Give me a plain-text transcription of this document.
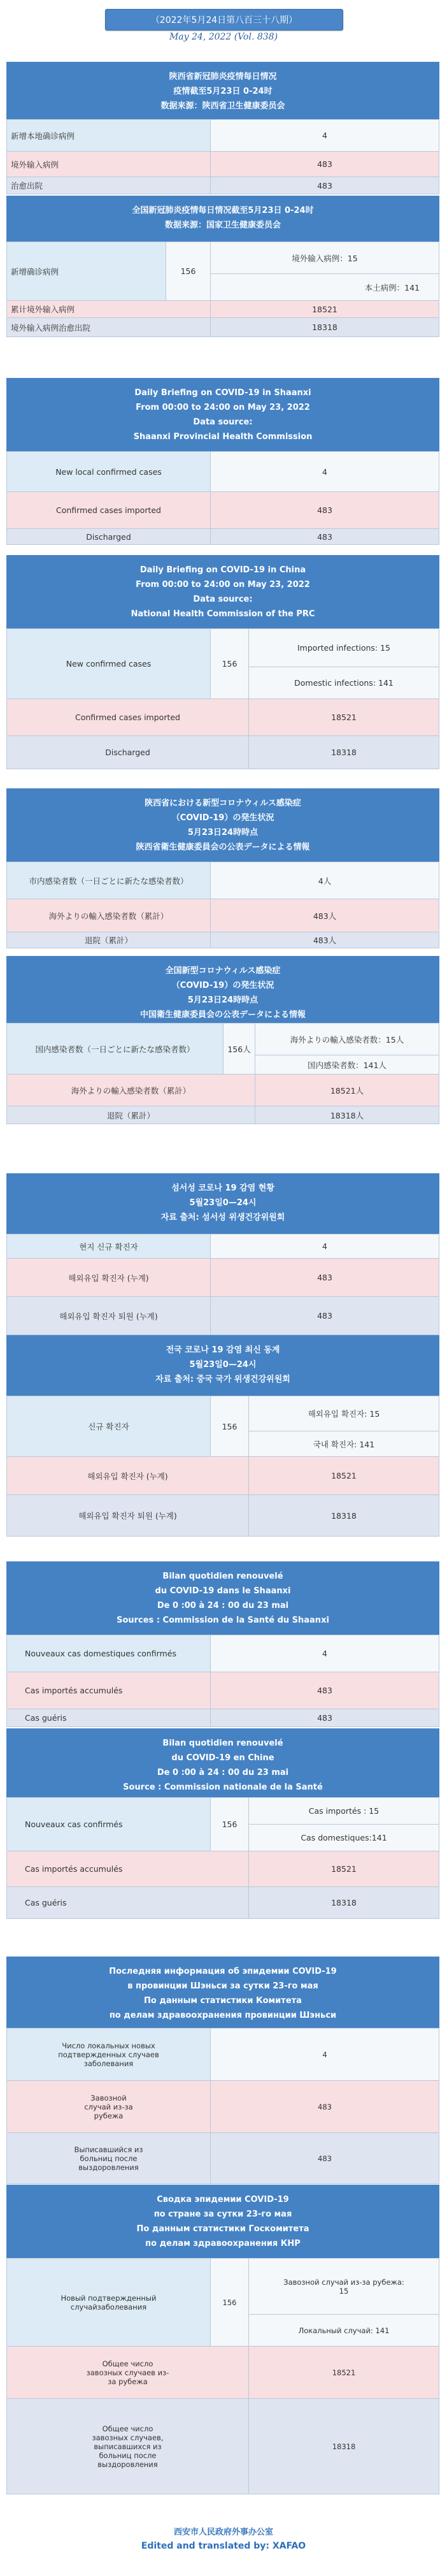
（2022年5月24日第八百三十八期）
May 24, 2022 (Vol. 838)
陕西省新冠肺炎疫情每日情况
疫情截至5月23日 0-24时
数据来源：陕西省卫生健康委员会
新增本地确诊病例	4
境外输入病例	483
治愈出院	483
全国新冠肺炎疫情每日情况截至5月23日 0-24时
数据来源：国家卫生健康委员会
新增确诊病例	156	境外输入病例：15
		本土病例：141
累计境外输入病例		18521
境外输入病例治愈出院		18318
Daily Briefing on COVID-19 in Shaanxi
From 00:00 to 24:00 on May 23, 2022
Data source:
Shaanxi Provincial Health Commission
New local confirmed cases	4
Confirmed cases imported	483
Discharged	483
Daily Briefing on COVID-19 in China
From 00:00 to 24:00 on May 23, 2022
Data source:
National Health Commission of the PRC
New confirmed cases	156	Imported infections: 15
		Domestic infections: 141
Confirmed cases imported		18521
Discharged		18318
陝西省における新型コロナウィルス感染症
（COVID-19）の発生状況
5月23日24時時点
陝西省衛生健康委員会の公表データによる情報
市内感染者数（一日ごとに新たな感染者数）	4人
海外よりの輸入感染者数（累計）	483人
退院（累計）	483人
全国新型コロナウィルス感染症
（COVID-19）の発生状況
5月23日24時時点
中国衛生健康委員会の公表データによる情報
国内感染者数（一日ごとに新たな感染者数）	156人	海外よりの輸入感染者数：15人
		国内感染者数：141人
海外よりの輸入感染者数（累計）		18521人
退院（累計）		18318人
섬서성 코로나 19 감염 현황
5월23일0—24시
자료 출처: 섬서성 위생건강위원회
현지 신규 확진자	4
해외유입 확진자 (누계)	483
해외유입 확진자 퇴원 (누계)	483
전국 코로나 19 감염 최신 동계
5월23일0—24시
자료 출처: 중국 국가 위생건강위원회
신규 확진자	156	해외유입 확진자: 15
		국내 확진자: 141
해외유입 확진자 (누계)		18521
해외유입 확진자 퇴원 (누계)		18318
Bilan quotidien renouvelé
du COVID-19 dans le Shaanxi
De 0 :00 à 24 : 00 du 23 mai
Sources : Commission de la Santé du Shaanxi
Nouveaux cas domestiques confirmés	4
Cas importés accumulés	483
Cas guéris	483
Bilan quotidien renouvelé
du COVID-19 en Chine
De 0 :00 à 24 : 00 du 23 mai
Source : Commission nationale de la Santé
Nouveaux cas confirmés	156	Cas importés : 15
		Cas domestiques:141
Cas importés accumulés		18521
Cas guéris		18318
Последняя информация об эпидемии COVID-19
в провинции Шэньси за сутки 23-го мая
По данным статистики Комитета
по делам здравоохранения провинции Шэньси
Число локальных новых подтвержденных случаев заболевания	4
Завозной случай из-за рубежа	483
Выписавшийся из больниц после выздоровления	483
Сводка эпидемии COVID-19
по стране за сутки 23-го мая
По данным статистики Госкомитета
по делам здравоохранения КНР
Новый подтвержденный случайзаболевания	156	Завозной случай из-за рубежа: 15
		Локальный случай: 141
Общее число завозных случаев из-за рубежа		18521
Общее число завозных случаев, выписавшихся из больниц после выздоровления		18318
西安市人民政府外事办公室
Edited and translated by: XAFAO
